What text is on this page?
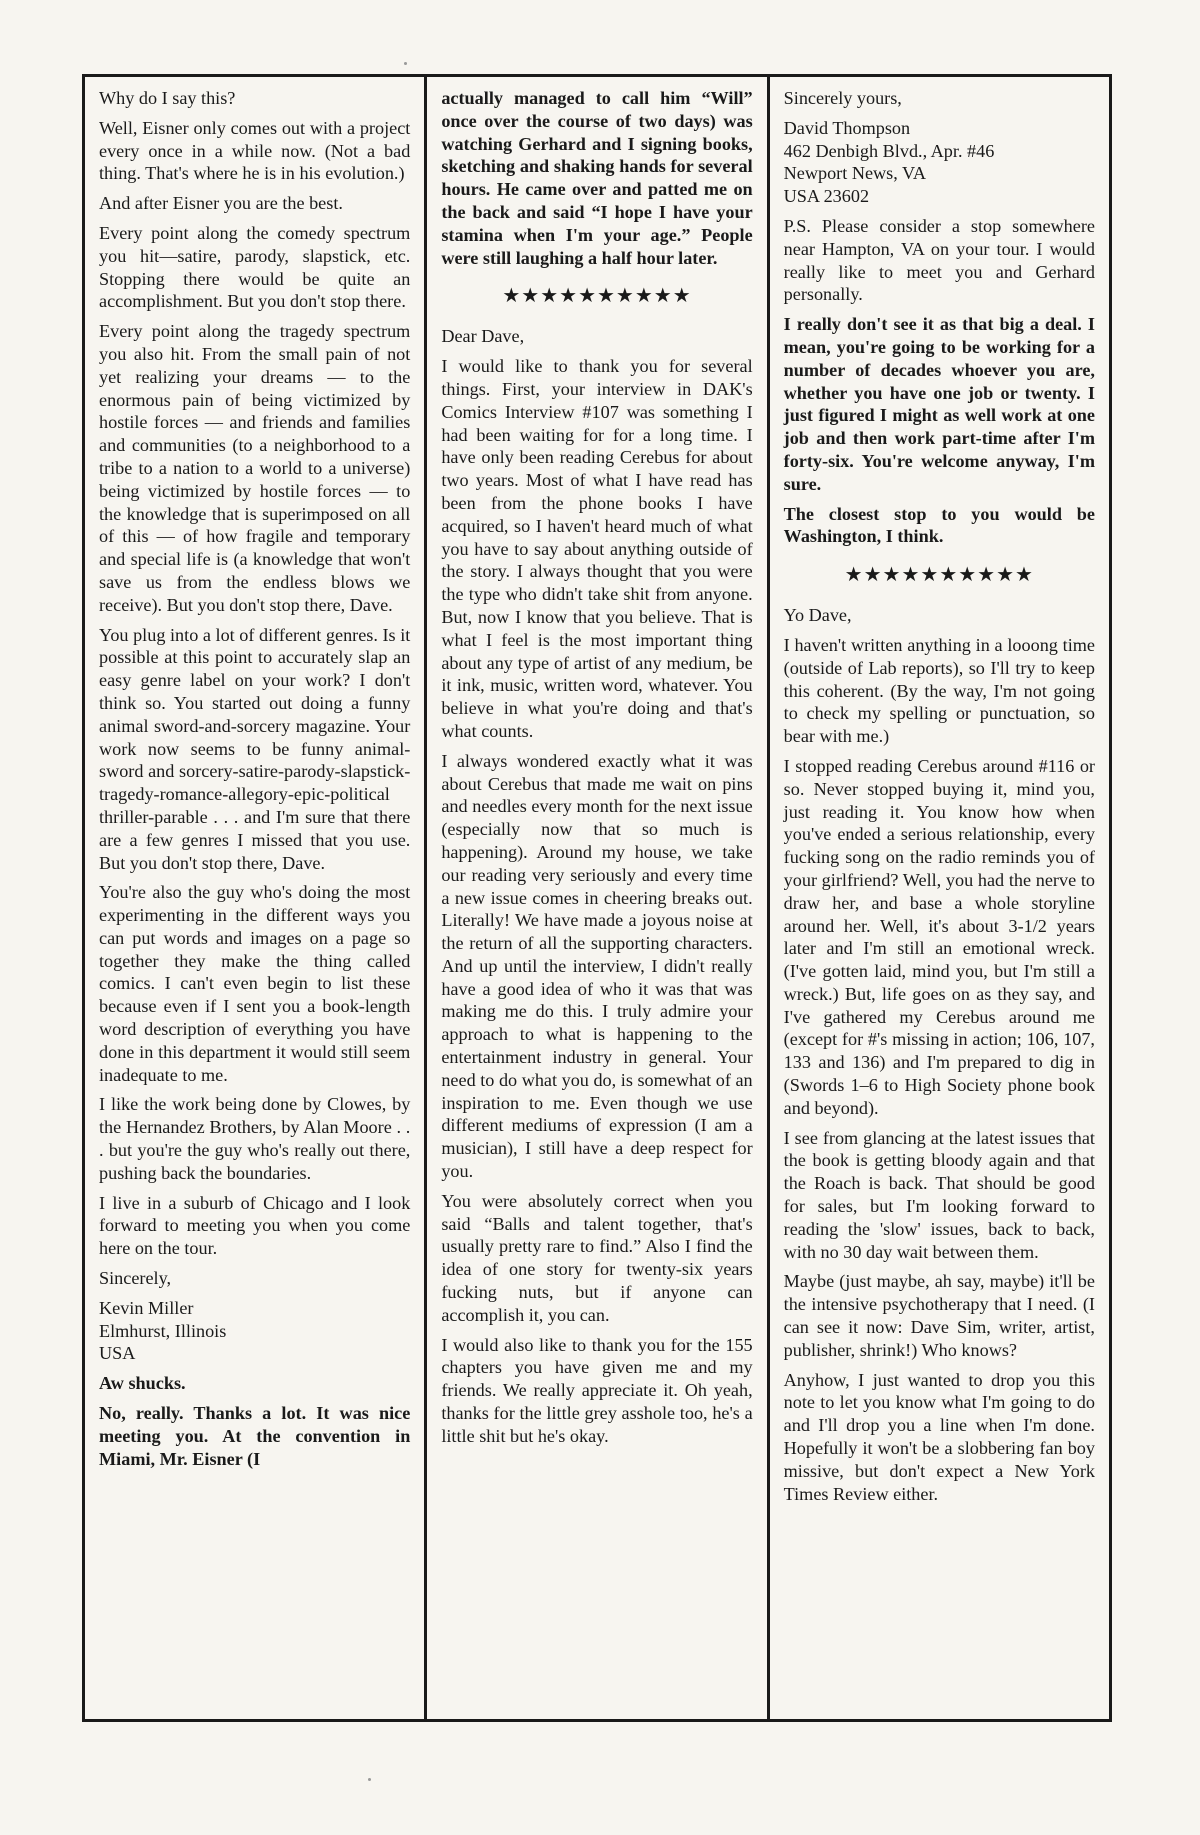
Why do I say this?

Well, Eisner only comes out with a project every once in a while now. (Not a bad thing. That's where he is in his evolution.)

And after Eisner you are the best.

Every point along the comedy spectrum you hit—satire, parody, slapstick, etc. Stopping there would be quite an accomplishment. But you don't stop there.

Every point along the tragedy spectrum you also hit. From the small pain of not yet realizing your dreams — to the enormous pain of being victimized by hostile forces — and friends and families and communities (to a neighborhood to a tribe to a nation to a world to a universe) being victimized by hostile forces — to the knowledge that is superimposed on all of this — of how fragile and temporary and special life is (a knowledge that won't save us from the endless blows we receive). But you don't stop there, Dave.

You plug into a lot of different genres. Is it possible at this point to accurately slap an easy genre label on your work? I don't think so. You started out doing a funny animal sword-and-sorcery magazine. Your work now seems to be funny animal-sword and sorcery-satire-parody-slapstick-tragedy-romance-allegory-epic-political thriller-parable . . . and I'm sure that there are a few genres I missed that you use. But you don't stop there, Dave.

You're also the guy who's doing the most experimenting in the different ways you can put words and images on a page so together they make the thing called comics. I can't even begin to list these because even if I sent you a book-length word description of everything you have done in this department it would still seem inadequate to me.

I like the work being done by Clowes, by the Hernandez Brothers, by Alan Moore . . . but you're the guy who's really out there, pushing back the boundaries.

I live in a suburb of Chicago and I look forward to meeting you when you come here on the tour.

Sincerely,

Kevin Miller

Elmhurst, Illinois

USA

Aw shucks.

No, really. Thanks a lot. It was nice meeting you. At the convention in Miami, Mr. Eisner (I

actually managed to call him “Will” once over the course of two days) was watching Gerhard and I signing books, sketching and shaking hands for several hours. He came over and patted me on the back and said “I hope I have your stamina when I'm your age.” People were still laughing a half hour later.

★★★★★★★★★★

Dear Dave,

I would like to thank you for several things. First, your interview in DAK's Comics Interview #107 was something I had been waiting for for a long time. I have only been reading Cerebus for about two years. Most of what I have read has been from the phone books I have acquired, so I haven't heard much of what you have to say about anything outside of the story. I always thought that you were the type who didn't take shit from anyone. But, now I know that you believe. That is what I feel is the most important thing about any type of artist of any medium, be it ink, music, written word, whatever. You believe in what you're doing and that's what counts.

I always wondered exactly what it was about Cerebus that made me wait on pins and needles every month for the next issue (especially now that so much is happening). Around my house, we take our reading very seriously and every time a new issue comes in cheering breaks out. Literally! We have made a joyous noise at the return of all the supporting characters. And up until the interview, I didn't really have a good idea of who it was that was making me do this. I truly admire your approach to what is happening to the entertainment industry in general. Your need to do what you do, is somewhat of an inspiration to me. Even though we use different mediums of expression (I am a musician), I still have a deep respect for you.

You were absolutely correct when you said “Balls and talent together, that's usually pretty rare to find.” Also I find the idea of one story for twenty-six years fucking nuts, but if anyone can accomplish it, you can.

I would also like to thank you for the 155 chapters you have given me and my friends. We really appreciate it. Oh yeah, thanks for the little grey asshole too, he's a little shit but he's okay.

Sincerely yours,

David Thompson

462 Denbigh Blvd., Apr. #46

Newport News, VA

USA 23602

P.S. Please consider a stop somewhere near Hampton, VA on your tour. I would really like to meet you and Gerhard personally.

I really don't see it as that big a deal. I mean, you're going to be working for a number of decades whoever you are, whether you have one job or twenty. I just figured I might as well work at one job and then work part-time after I'm forty-six. You're welcome anyway, I'm sure.

The closest stop to you would be Washington, I think.

★★★★★★★★★★

Yo Dave,

I haven't written anything in a looong time (outside of Lab reports), so I'll try to keep this coherent. (By the way, I'm not going to check my spelling or punctuation, so bear with me.)

I stopped reading Cerebus around #116 or so. Never stopped buying it, mind you, just reading it. You know how when you've ended a serious relationship, every fucking song on the radio reminds you of your girlfriend? Well, you had the nerve to draw her, and base a whole storyline around her. Well, it's about 3-1/2 years later and I'm still an emotional wreck. (I've gotten laid, mind you, but I'm still a wreck.) But, life goes on as they say, and I've gathered my Cerebus around me (except for #'s missing in action; 106, 107, 133 and 136) and I'm prepared to dig in (Swords 1–6 to High Society phone book and beyond).

I see from glancing at the latest issues that the book is getting bloody again and that the Roach is back. That should be good for sales, but I'm looking forward to reading the 'slow' issues, back to back, with no 30 day wait between them.

Maybe (just maybe, ah say, maybe) it'll be the intensive psychotherapy that I need. (I can see it now: Dave Sim, writer, artist, publisher, shrink!) Who knows?

Anyhow, I just wanted to drop you this note to let you know what I'm going to do and I'll drop you a line when I'm done. Hopefully it won't be a slobbering fan boy missive, but don't expect a New York Times Review either.
